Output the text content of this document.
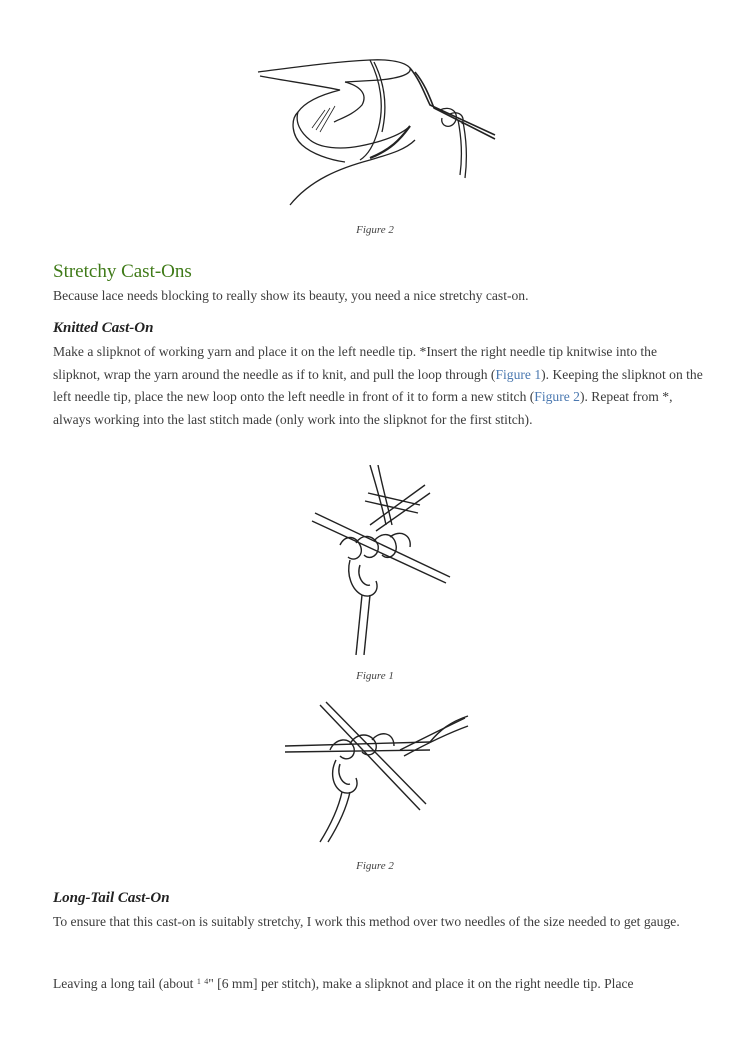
Figure 2
Stretchy Cast-Ons
Because lace needs blocking to really show its beauty, you need a nice stretchy cast-on.
Knitted Cast-On
Make a slipknot of working yarn and place it on the left needle tip. *Insert the right needle tip knitwise into the slipknot, wrap the yarn around the needle as if to knit, and pull the loop through (Figure 1). Keeping the slipknot on the left needle tip, place the new loop onto the left needle in front of it to form a new stitch (Figure 2). Repeat from *, always working into the last stitch made (only work into the slipknot for the first stitch).
Figure 1
Figure 2
Long-Tail Cast-On
To ensure that this cast-on is suitably stretchy, I work this method over two needles of the size needed to get gauge.
Leaving a long tail (about $^1$ $^4$" [6 mm] per stitch), make a slipknot and place it on the right needle tip. Place
